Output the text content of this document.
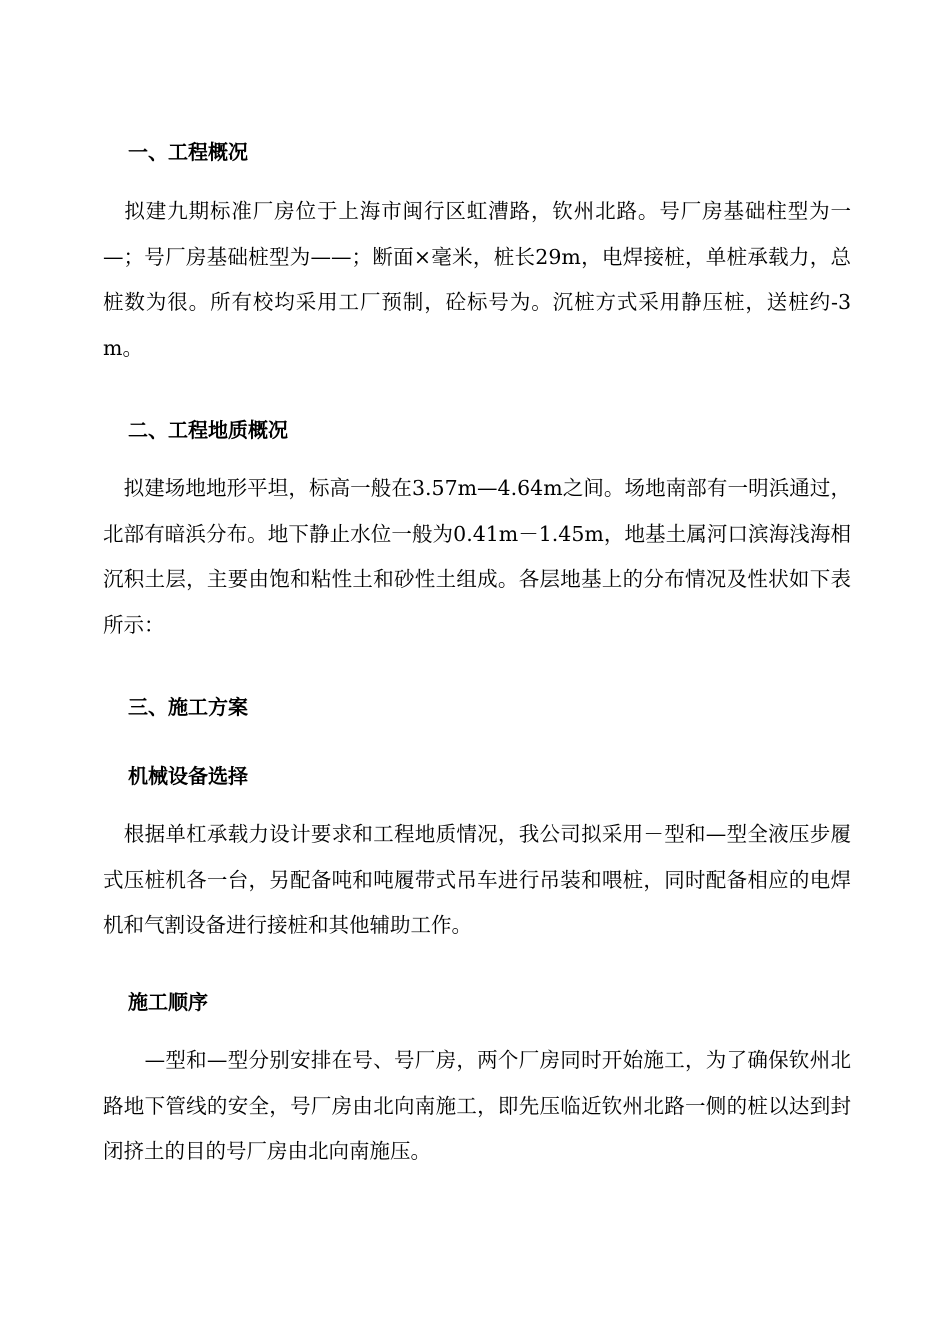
一、工程概况
　拟建九期标准厂房位于上海市闽行区虹漕路，钦州北路。号厂房基础柱型为一—；号厂房基础桩型为——；断面×毫米，桩长29m，电焊接桩，单桩承载力，总桩数为很。所有校均采用工厂预制，砼标号为。沉桩方式采用静压桩，送桩约-3m。
二、工程地质概况
　拟建场地地形平坦，标高一般在3.57m—4.64m之间。场地南部有一明浜通过，北部有暗浜分布。地下静止水位一般为0.41m－1.45m，地基土属河口滨海浅海相沉积土层，主要由饱和粘性土和砂性土组成。各层地基上的分布情况及性状如下表所示：
三、施工方案
机械设备选择
　根据单杠承载力设计要求和工程地质情况，我公司拟采用－型和—型全液压步履式压桩机各一台，另配备吨和吨履带式吊车进行吊装和喂桩，同时配备相应的电焊机和气割设备进行接桩和其他辅助工作。
施工顺序
　　—型和—型分别安排在号、号厂房，两个厂房同时开始施工，为了确保钦州北路地下管线的安全，号厂房由北向南施工，即先压临近钦州北路一侧的桩以达到封闭挤土的目的号厂房由北向南施压。
